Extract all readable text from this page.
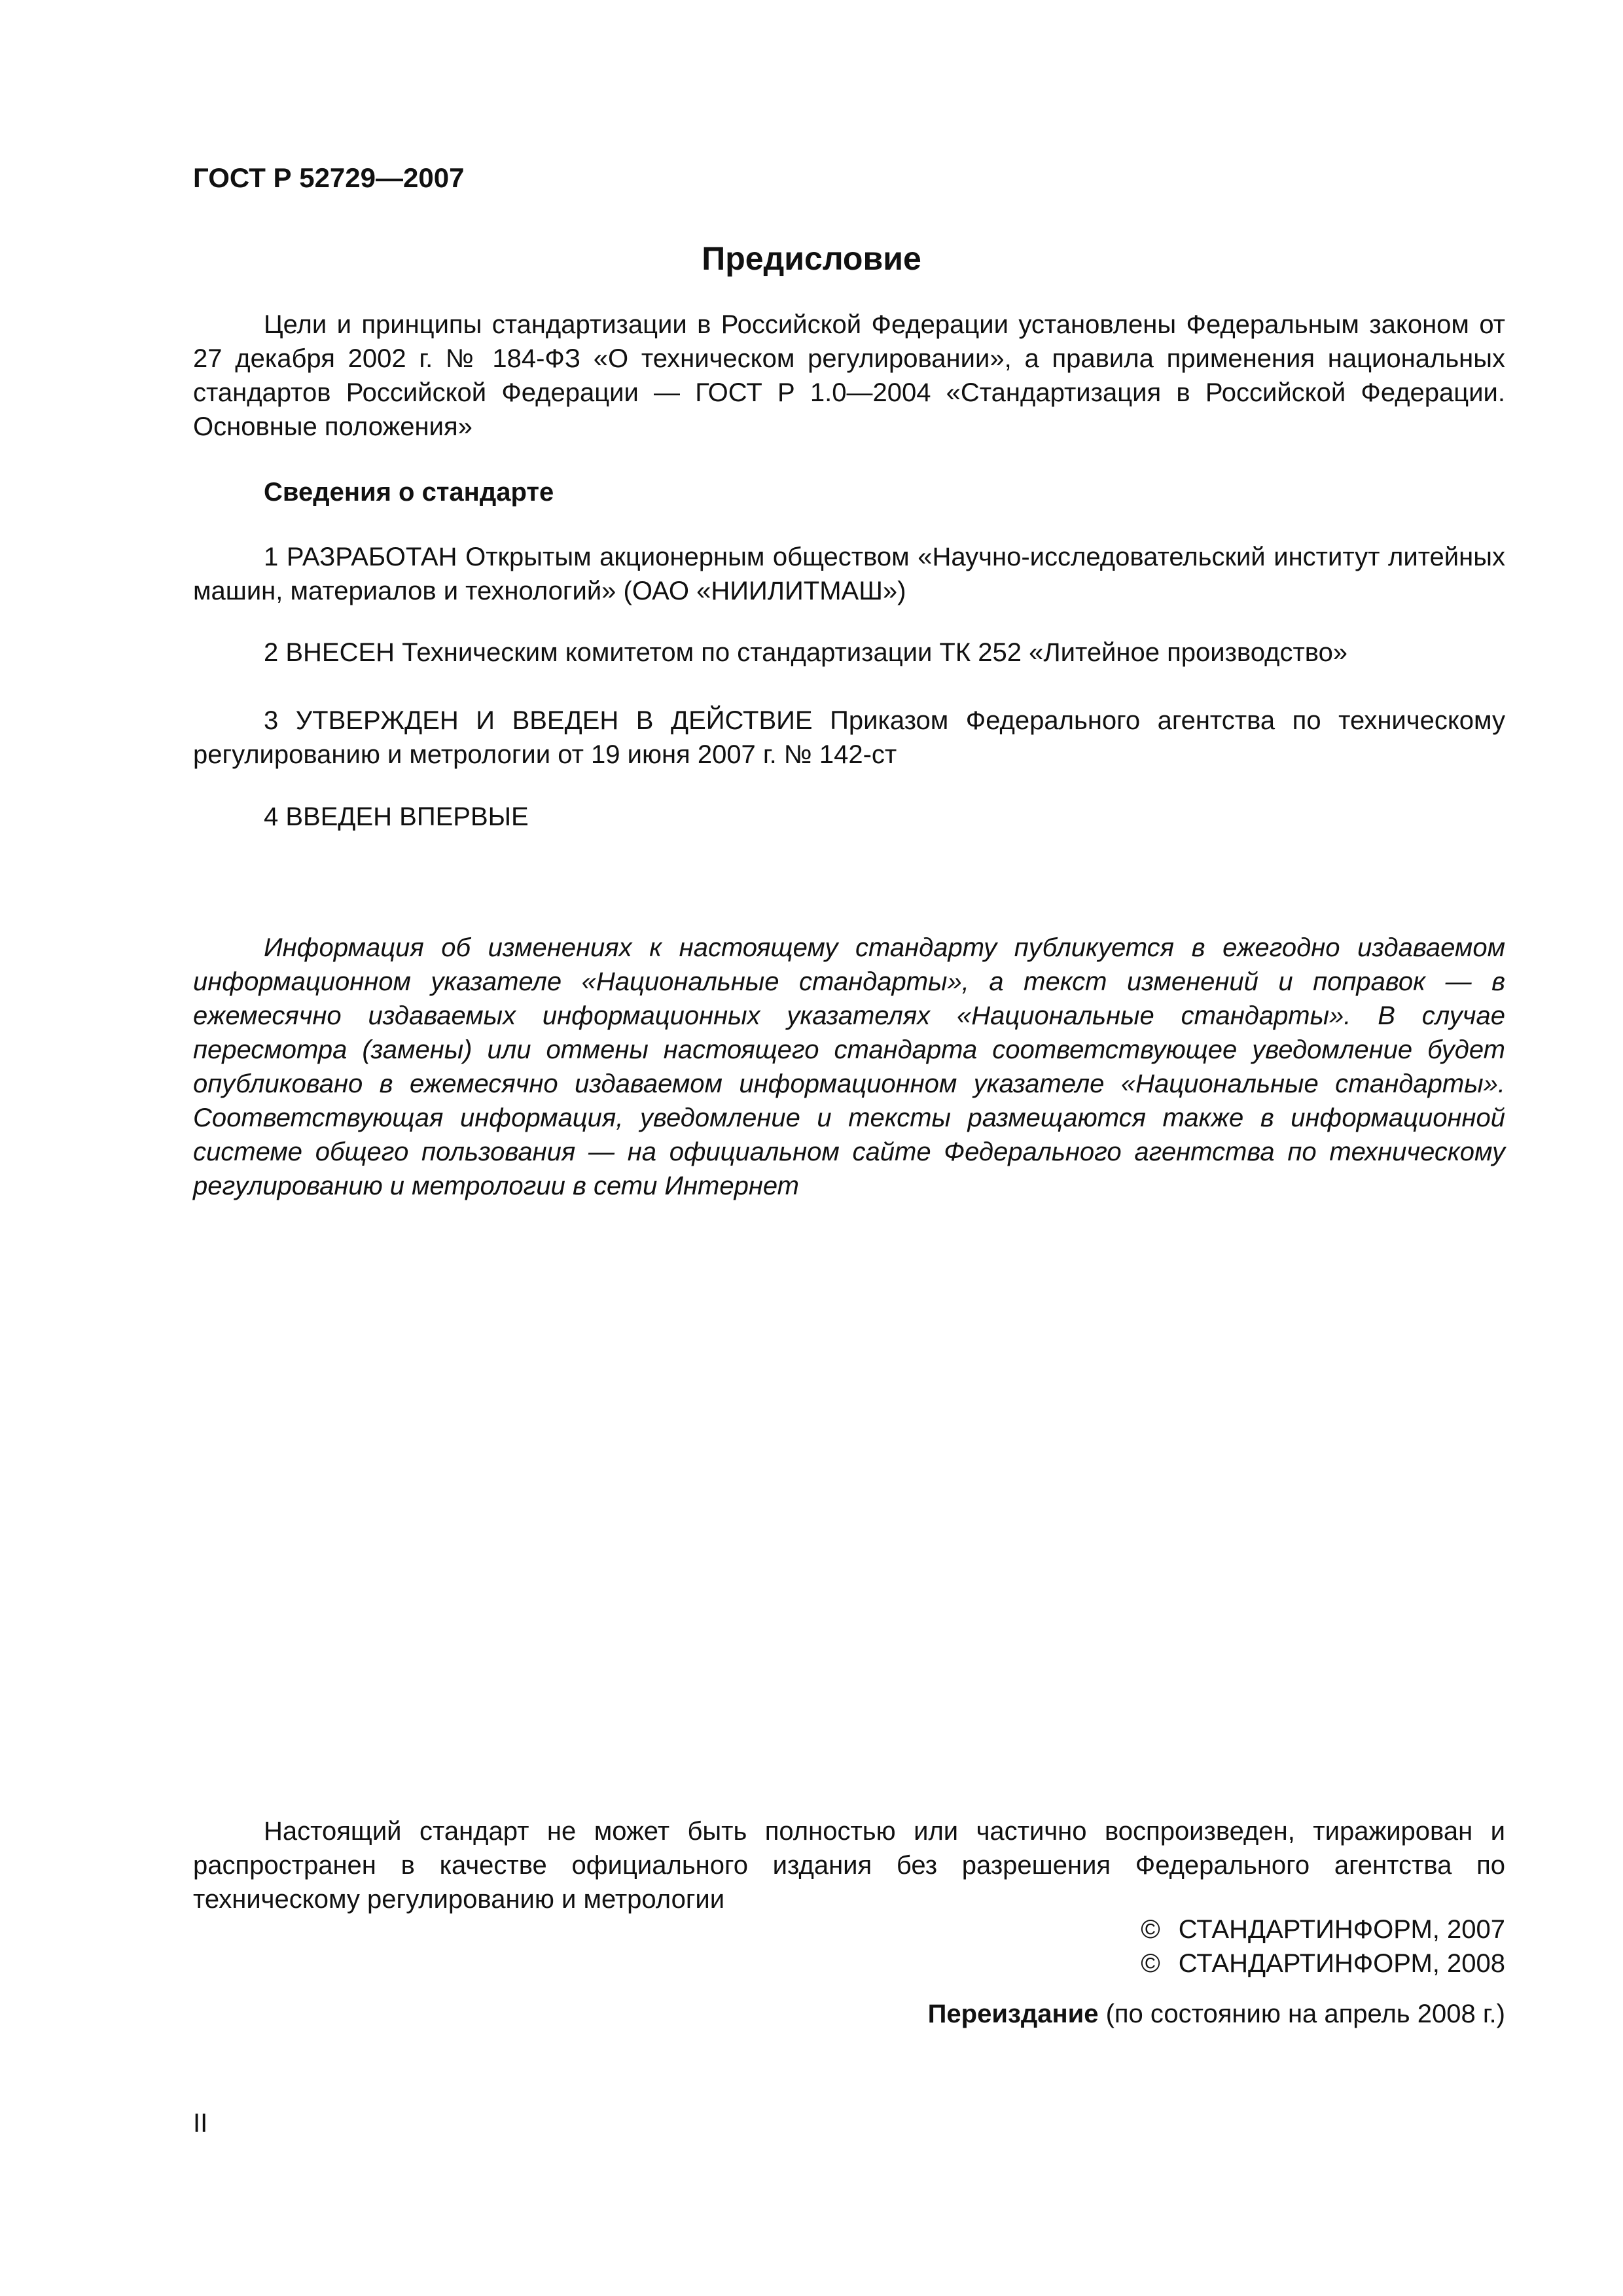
ГОСТ Р 52729—2007

Предисловие

Цели и принципы стандартизации в Российской Федерации установлены Федеральным законом от 27 декабря 2002 г. № 184-ФЗ «О техническом регулировании», а правила применения национальных стандартов Российской Федерации — ГОСТ Р 1.0—2004 «Стандартизация в Российской Федерации. Основные положения»

Сведения о стандарте

1 РАЗРАБОТАН Открытым акционерным обществом «Научно-исследовательский институт литейных машин, материалов и технологий» (ОАО «НИИЛИТМАШ»)

2 ВНЕСЕН Техническим комитетом по стандартизации ТК 252 «Литейное производство»

3 УТВЕРЖДЕН И ВВЕДЕН В ДЕЙСТВИЕ Приказом Федерального агентства по техническому регулированию и метрологии от 19 июня 2007 г. № 142-ст

4 ВВЕДЕН ВПЕРВЫЕ

Информация об изменениях к настоящему стандарту публикуется в ежегодно издаваемом информационном указателе «Национальные стандарты», а текст изменений и поправок — в ежемесячно издаваемых информационных указателях «Национальные стандарты». В случае пересмотра (замены) или отмены настоящего стандарта соответствующее уведомление будет опубликовано в ежемесячно издаваемом информационном указателе «Национальные стандарты». Соответствующая информация, уведомление и тексты размещаются также в информационной системе общего пользования — на официальном сайте Федерального агентства по техническому регулированию и метрологии в сети Интернет

Настоящий стандарт не может быть полностью или частично воспроизведен, тиражирован и распространен в качестве официального издания без разрешения Федерального агентства по техническому регулированию и метрологии

© СТАНДАРТИНФОРМ, 2007

© СТАНДАРТИНФОРМ, 2008

Переиздание (по состоянию на апрель 2008 г.)

II
